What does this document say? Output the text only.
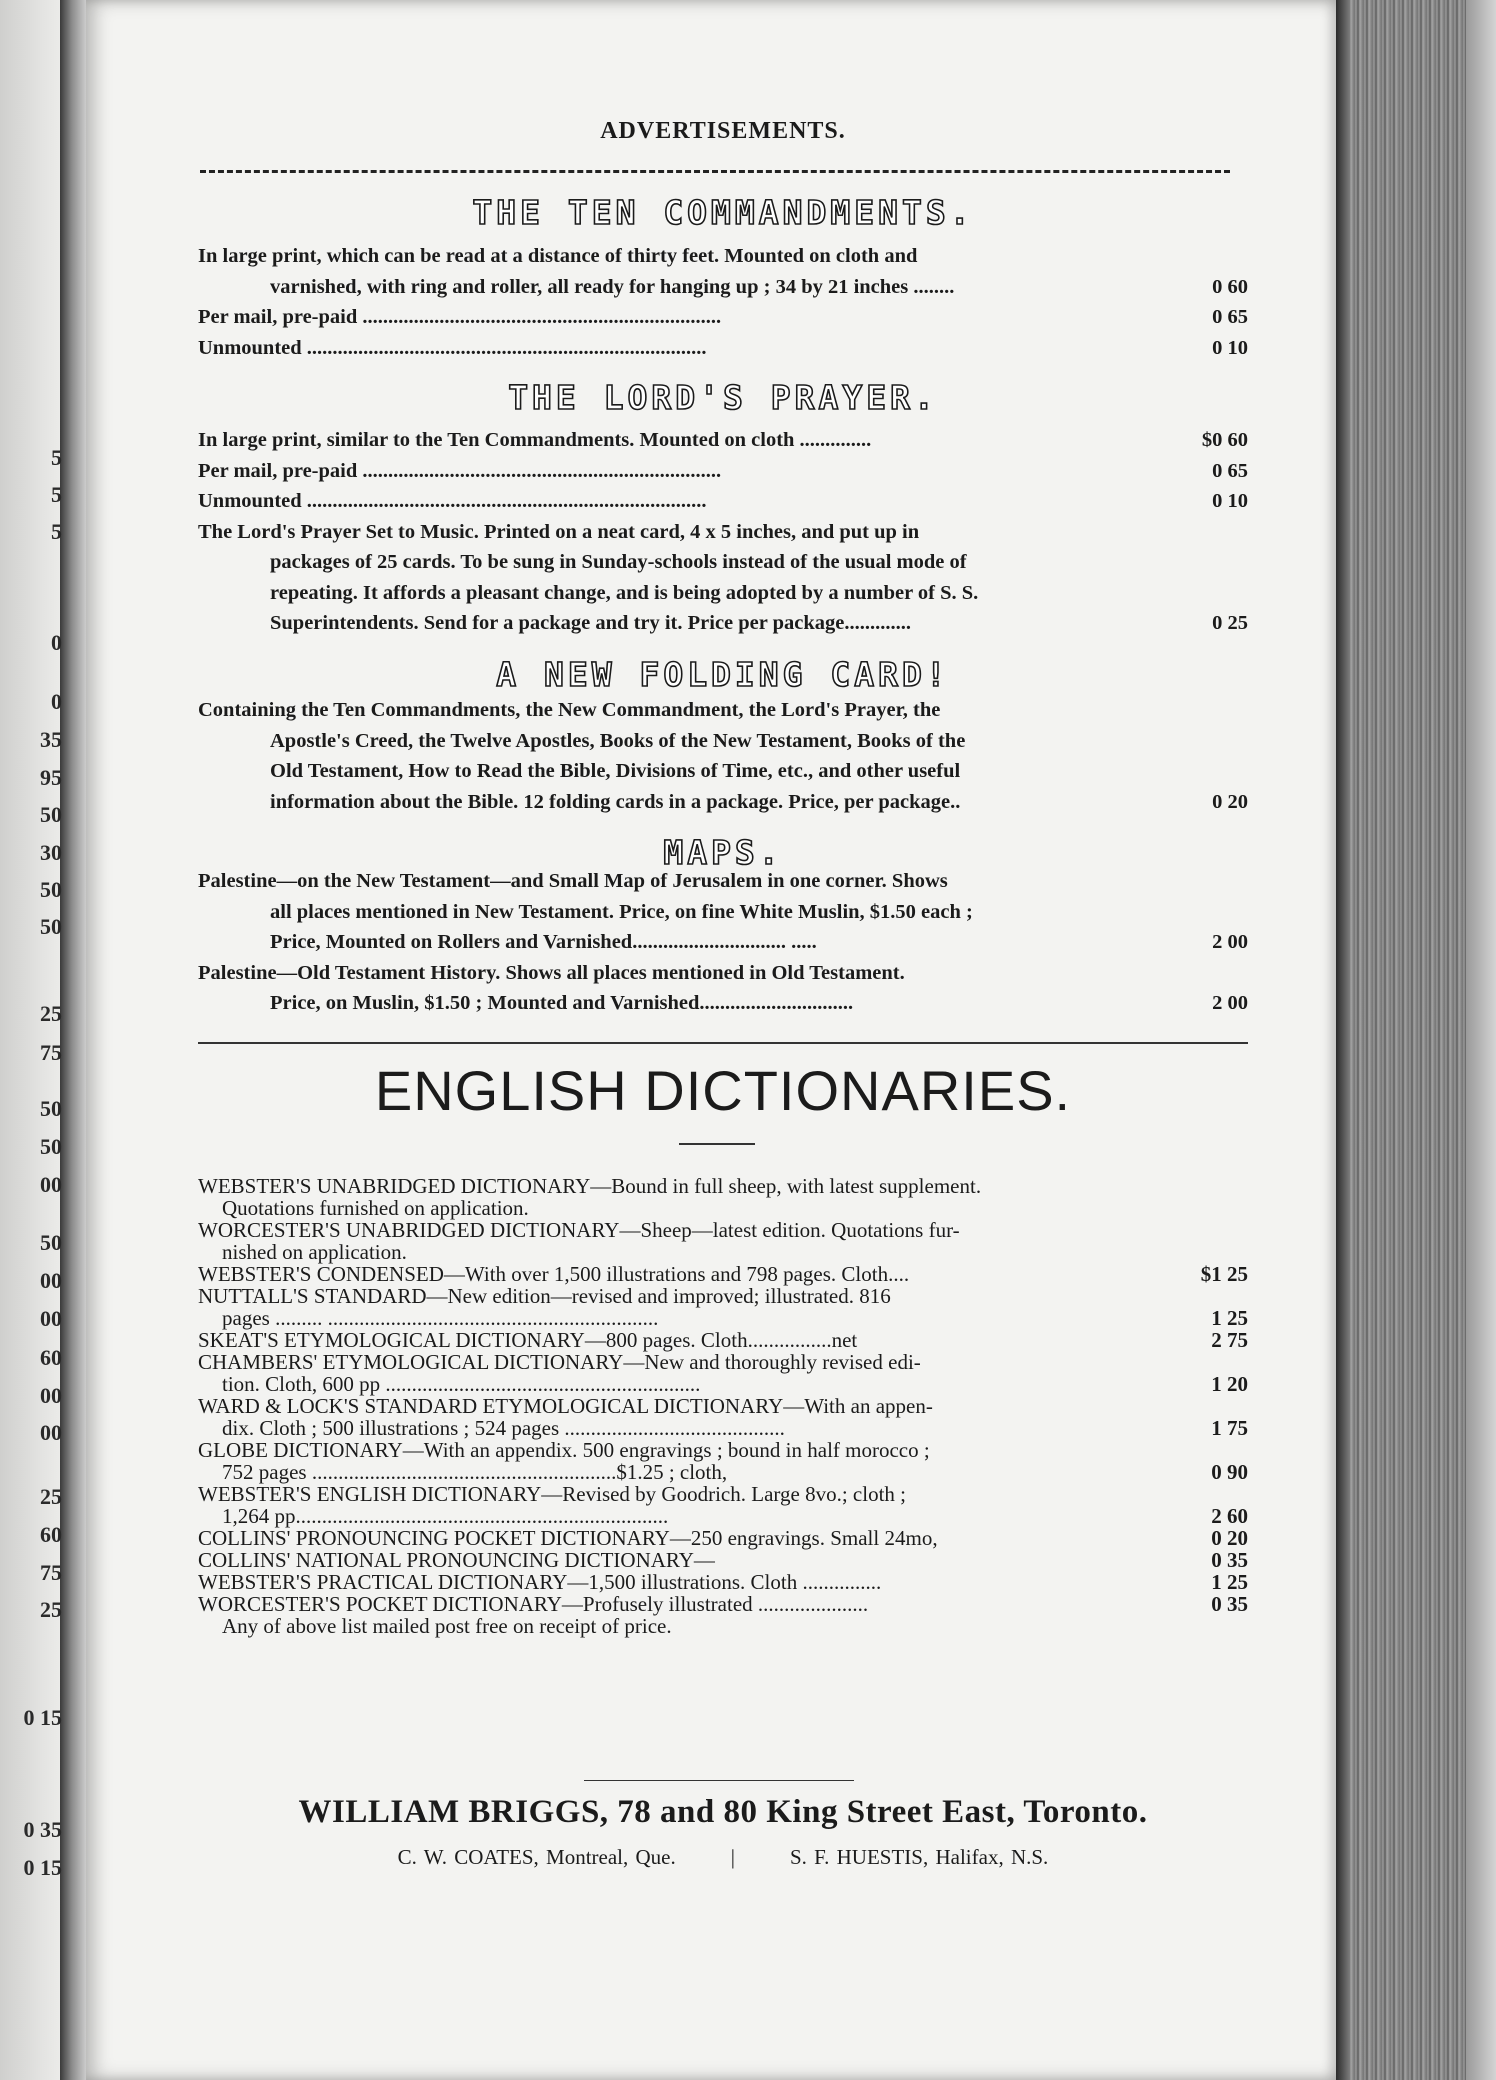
5
5
5
0
0
35
95
50
30
50
50
25
75
50
50
00
50
00
00
60
00
00
25
60
75
25
0 15
0 35
0 15
ADVERTISEMENTS.
THE TEN COMMANDMENTS.
In large print, which can be read at a distance of thirty feet. Mounted on cloth and
varnished, with ring and roller, all ready for hanging up ; 34 by 21 inches ........	0 60
Per mail, pre-paid ......................................................................	0 65
Unmounted ..............................................................................	0 10
THE LORD'S PRAYER.
In large print, similar to the Ten Commandments. Mounted on cloth ..............	$0 60
Per mail, pre-paid ......................................................................	0 65
Unmounted ..............................................................................	0 10
The Lord's Prayer Set to Music. Printed on a neat card, 4 x 5 inches, and put up in
packages of 25 cards. To be sung in Sunday-schools instead of the usual mode of
repeating. It affords a pleasant change, and is being adopted by a number of S. S.
Superintendents. Send for a package and try it. Price per package.............	0 25
A NEW FOLDING CARD!
Containing the Ten Commandments, the New Commandment, the Lord's Prayer, the
Apostle's Creed, the Twelve Apostles, Books of the New Testament, Books of the
Old Testament, How to Read the Bible, Divisions of Time, etc., and other useful
information about the Bible. 12 folding cards in a package. Price, per package..	0 20
MAPS.
Palestine—on the New Testament—and Small Map of Jerusalem in one corner. Shows
all places mentioned in New Testament. Price, on fine White Muslin, $1.50 each ;
Price, Mounted on Rollers and Varnished.............................. .....	2 00
Palestine—Old Testament History. Shows all places mentioned in Old Testament.
Price, on Muslin, $1.50 ; Mounted and Varnished..............................	2 00
ENGLISH DICTIONARIES.
WEBSTER'S UNABRIDGED DICTIONARY—Bound in full sheep, with latest supplement.
Quotations furnished on application.
WORCESTER'S UNABRIDGED DICTIONARY—Sheep—latest edition. Quotations fur-
nished on application.
WEBSTER'S CONDENSED—With over 1,500 illustrations and 798 pages. Cloth....	$1 25
NUTTALL'S STANDARD—New edition—revised and improved; illustrated. 816
pages ......... ...............................................................	1 25
SKEAT'S ETYMOLOGICAL DICTIONARY—800 pages. Cloth................net	2 75
CHAMBERS' ETYMOLOGICAL DICTIONARY—New and thoroughly revised edi-
tion. Cloth, 600 pp ............................................................	1 20
WARD & LOCK'S STANDARD ETYMOLOGICAL DICTIONARY—With an appen-
dix. Cloth ; 500 illustrations ; 524 pages ..........................................	1 75
GLOBE DICTIONARY—With an appendix. 500 engravings ; bound in half morocco ;
752 pages ..........................................................$1.25 ; cloth,	0 90
WEBSTER'S ENGLISH DICTIONARY—Revised by Goodrich. Large 8vo.; cloth ;
1,264 pp.......................................................................	2 60
COLLINS' PRONOUNCING POCKET DICTIONARY—250 engravings. Small 24mo,	0 20
COLLINS' NATIONAL PRONOUNCING DICTIONARY—	0 35
WEBSTER'S PRACTICAL DICTIONARY—1,500 illustrations. Cloth ...............	1 25
WORCESTER'S POCKET DICTIONARY—Profusely illustrated .....................	0 35
Any of above list mailed post free on receipt of price.
WILLIAM BRIGGS, 78 and 80 King Street East, Toronto.
C. W. COATES, Montreal, Que.	|	S. F. HUESTIS, Halifax, N.S.
